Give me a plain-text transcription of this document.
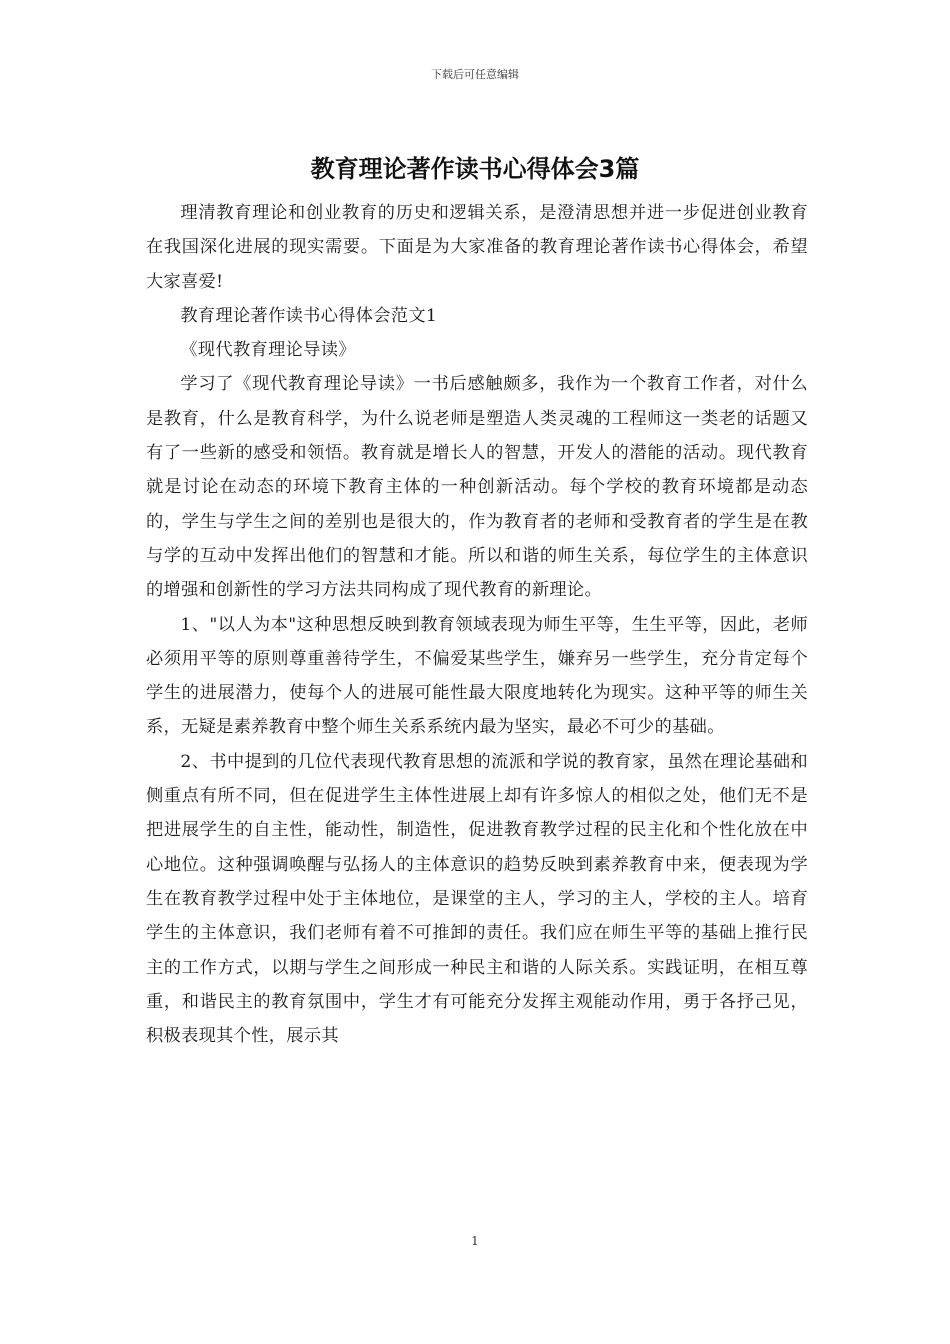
下载后可任意编辑
教育理论著作读书心得体会3篇

理清教育理论和创业教育的历史和逻辑关系，是澄清思想并进一步促进创业教育在我国深化进展的现实需要。下面是为大家准备的教育理论著作读书心得体会，希望大家喜爱!

教育理论著作读书心得体会范文1

《现代教育理论导读》

学习了《现代教育理论导读》一书后感触颇多，我作为一个教育工作者，对什么是教育，什么是教育科学，为什么说老师是塑造人类灵魂的工程师这一类老的话题又有了一些新的感受和领悟。教育就是增长人的智慧，开发人的潜能的活动。现代教育就是讨论在动态的环境下教育主体的一种创新活动。每个学校的教育环境都是动态的，学生与学生之间的差别也是很大的，作为教育者的老师和受教育者的学生是在教与学的互动中发挥出他们的智慧和才能。所以和谐的师生关系，每位学生的主体意识的增强和创新性的学习方法共同构成了现代教育的新理论。

1、"以人为本"这种思想反映到教育领域表现为师生平等，生生平等，因此，老师必须用平等的原则尊重善待学生，不偏爱某些学生，嫌弃另一些学生，充分肯定每个学生的进展潜力，使每个人的进展可能性最大限度地转化为现实。这种平等的师生关系，无疑是素养教育中整个师生关系系统内最为坚实，最必不可少的基础。

2、书中提到的几位代表现代教育思想的流派和学说的教育家，虽然在理论基础和侧重点有所不同，但在促进学生主体性进展上却有许多惊人的相似之处，他们无不是把进展学生的自主性，能动性，制造性，促进教育教学过程的民主化和个性化放在中心地位。这种强调唤醒与弘扬人的主体意识的趋势反映到素养教育中来，便表现为学生在教育教学过程中处于主体地位，是课堂的主人，学习的主人，学校的主人。培育学生的主体意识，我们老师有着不可推卸的责任。我们应在师生平等的基础上推行民主的工作方式，以期与学生之间形成一种民主和谐的人际关系。实践证明，在相互尊重，和谐民主的教育氛围中，学生才有可能充分发挥主观能动作用，勇于各抒己见，积极表现其个性，展示其

1
